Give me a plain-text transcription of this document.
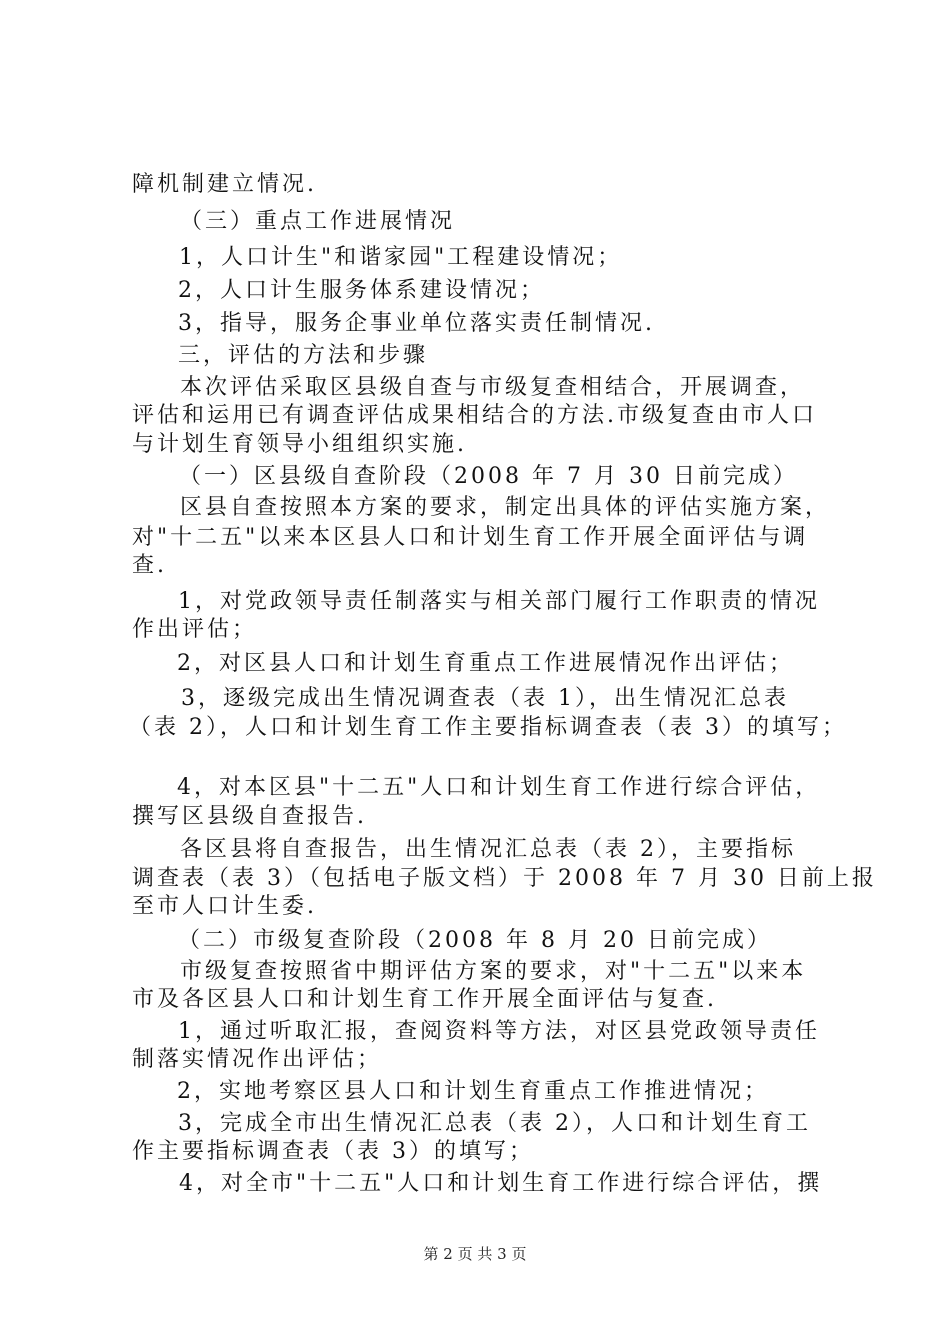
障机制建立情况.
（三）重点工作进展情况
1，人口计生"和谐家园"工程建设情况；
2，人口计生服务体系建设情况；
3，指导，服务企事业单位落实责任制情况.
三，评估的方法和步骤
本次评估采取区县级自查与市级复查相结合，开展调查，
评估和运用已有调查评估成果相结合的方法.市级复查由市人口
与计划生育领导小组组织实施.
（一）区县级自查阶段（2008 年 7 月 30 日前完成）
区县自查按照本方案的要求，制定出具体的评估实施方案，
对"十二五"以来本区县人口和计划生育工作开展全面评估与调
查.
1，对党政领导责任制落实与相关部门履行工作职责的情况
作出评估；
2，对区县人口和计划生育重点工作进展情况作出评估；
3，逐级完成出生情况调查表（表 1），出生情况汇总表
（表 2），人口和计划生育工作主要指标调查表（表 3）的填写；
4，对本区县"十二五"人口和计划生育工作进行综合评估，
撰写区县级自查报告.
各区县将自查报告，出生情况汇总表（表 2），主要指标
调查表（表 3）（包括电子版文档）于 2008 年 7 月 30 日前上报
至市人口计生委.
（二）市级复查阶段（2008 年 8 月 20 日前完成）
市级复查按照省中期评估方案的要求，对"十二五"以来本
市及各区县人口和计划生育工作开展全面评估与复查.
1，通过听取汇报，查阅资料等方法，对区县党政领导责任
制落实情况作出评估；
2，实地考察区县人口和计划生育重点工作推进情况；
3，完成全市出生情况汇总表（表 2），人口和计划生育工
作主要指标调查表（表 3）的填写；
4，对全市"十二五"人口和计划生育工作进行综合评估，撰
第 2 页 共 3 页
